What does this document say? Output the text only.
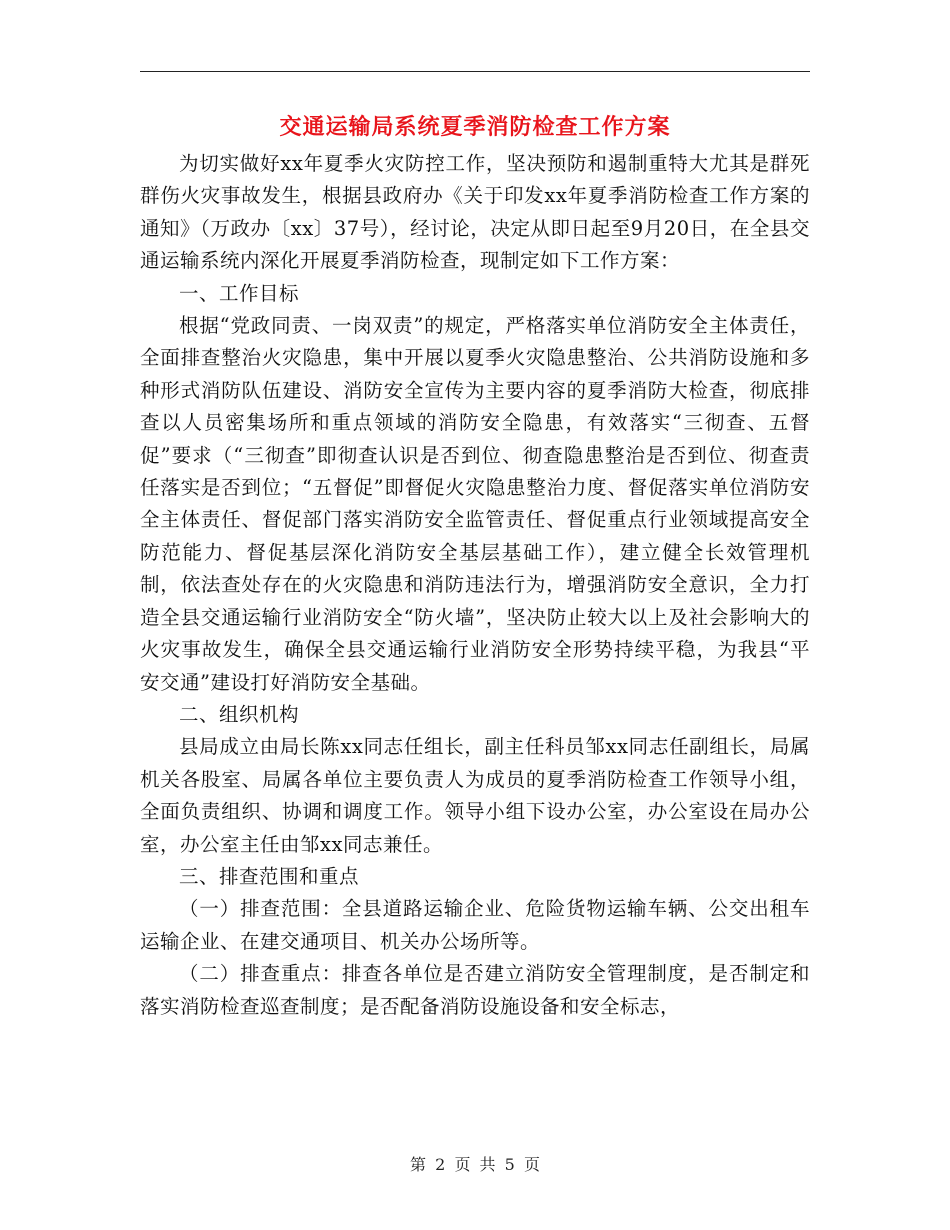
交通运输局系统夏季消防检查工作方案

为切实做好xx年夏季火灾防控工作，坚决预防和遏制重特大尤其是群死群伤火灾事故发生，根据县政府办《关于印发xx年夏季消防检查工作方案的通知》（万政办〔xx〕37号），经讨论，决定从即日起至9月20日，在全县交通运输系统内深化开展夏季消防检查，现制定如下工作方案：

一、工作目标

根据“党政同责、一岗双责”的规定，严格落实单位消防安全主体责任，全面排查整治火灾隐患，集中开展以夏季火灾隐患整治、公共消防设施和多种形式消防队伍建设、消防安全宣传为主要内容的夏季消防大检查，彻底排查以人员密集场所和重点领域的消防安全隐患，有效落实“三彻查、五督促”要求（“三彻查”即彻查认识是否到位、彻查隐患整治是否到位、彻查责任落实是否到位；“五督促”即督促火灾隐患整治力度、督促落实单位消防安全主体责任、督促部门落实消防安全监管责任、督促重点行业领域提高安全防范能力、督促基层深化消防安全基层基础工作），建立健全长效管理机制，依法查处存在的火灾隐患和消防违法行为，增强消防安全意识，全力打造全县交通运输行业消防安全“防火墙”，坚决防止较大以上及社会影响大的火灾事故发生，确保全县交通运输行业消防安全形势持续平稳，为我县“平安交通”建设打好消防安全基础。

二、组织机构

县局成立由局长陈xx同志任组长，副主任科员邹xx同志任副组长，局属机关各股室、局属各单位主要负责人为成员的夏季消防检查工作领导小组，全面负责组织、协调和调度工作。领导小组下设办公室，办公室设在局办公室，办公室主任由邹xx同志兼任。

三、排查范围和重点

（一）排查范围：全县道路运输企业、危险货物运输车辆、公交出租车运输企业、在建交通项目、机关办公场所等。

（二）排查重点：排查各单位是否建立消防安全管理制度，是否制定和落实消防检查巡查制度；是否配备消防设施设备和安全标志，

第 2 页 共 5 页
